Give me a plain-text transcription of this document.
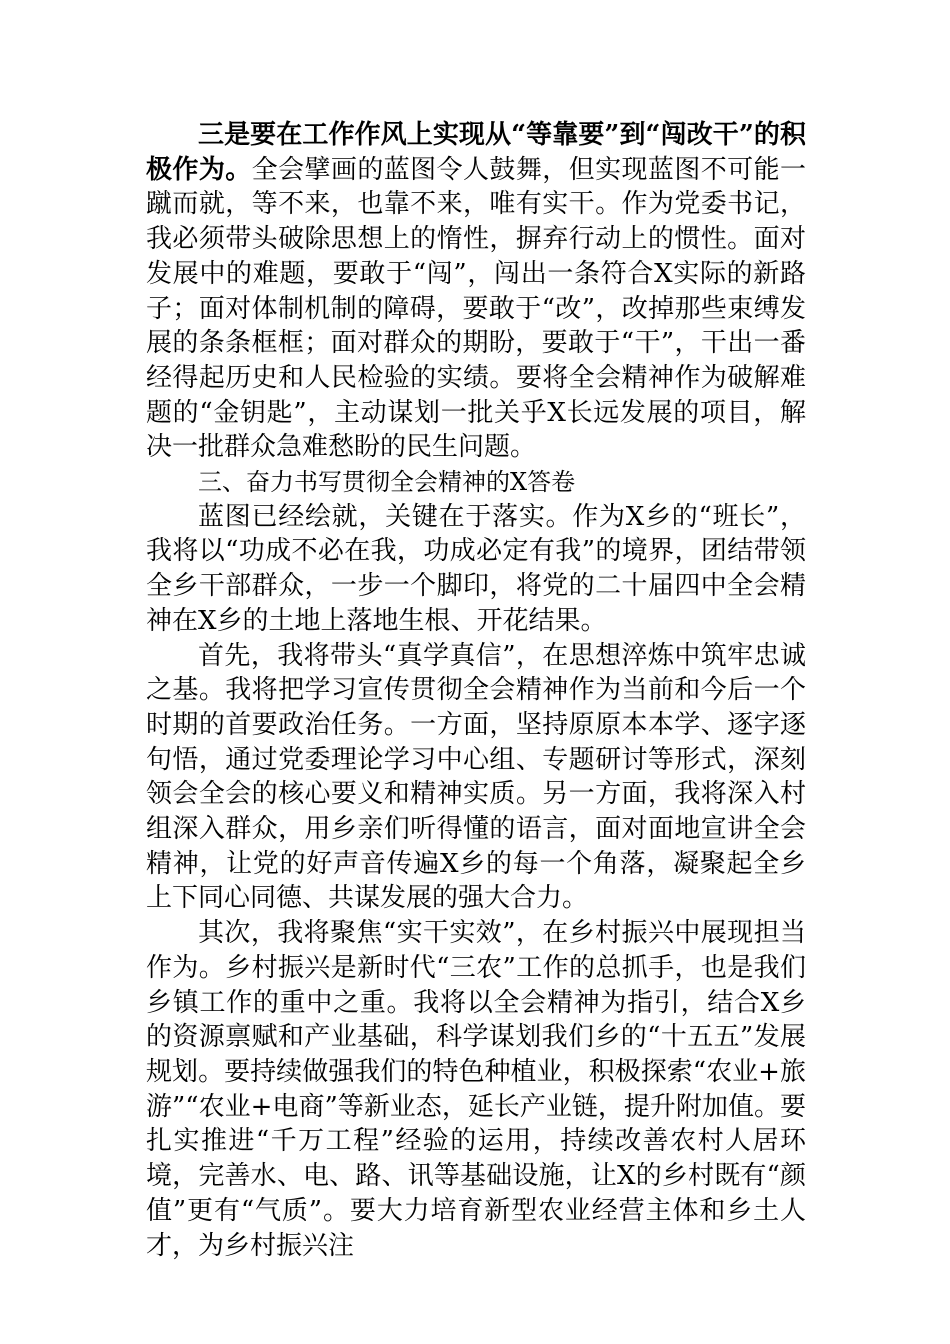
三是要在工作作风上实现从“等靠要”到“闯改干”的积极作为。全会擘画的蓝图令人鼓舞，但实现蓝图不可能一蹴而就，等不来，也靠不来，唯有实干。作为党委书记，我必须带头破除思想上的惰性，摒弃行动上的惯性。面对发展中的难题，要敢于“闯”，闯出一条符合X实际的新路子；面对体制机制的障碍，要敢于“改”，改掉那些束缚发展的条条框框；面对群众的期盼，要敢于“干”，干出一番经得起历史和人民检验的实绩。要将全会精神作为破解难题的“金钥匙”，主动谋划一批关乎X长远发展的项目，解决一批群众急难愁盼的民生问题。

三、奋力书写贯彻全会精神的X答卷

蓝图已经绘就，关键在于落实。作为X乡的“班长”，我将以“功成不必在我，功成必定有我”的境界，团结带领全乡干部群众，一步一个脚印，将党的二十届四中全会精神在X乡的土地上落地生根、开花结果。

首先，我将带头“真学真信”，在思想淬炼中筑牢忠诚之基。我将把学习宣传贯彻全会精神作为当前和今后一个时期的首要政治任务。一方面，坚持原原本本学、逐字逐句悟，通过党委理论学习中心组、专题研讨等形式，深刻领会全会的核心要义和精神实质。另一方面，我将深入村组深入群众，用乡亲们听得懂的语言，面对面地宣讲全会精神，让党的好声音传遍X乡的每一个角落，凝聚起全乡上下同心同德、共谋发展的强大合力。

其次，我将聚焦“实干实效”，在乡村振兴中展现担当作为。乡村振兴是新时代“三农”工作的总抓手，也是我们乡镇工作的重中之重。我将以全会精神为指引，结合X乡的资源禀赋和产业基础，科学谋划我们乡的“十五五”发展规划。要持续做强我们的特色种植业，积极探索“农业+旅游”“农业+电商”等新业态，延长产业链，提升附加值。要扎实推进“千万工程”经验的运用，持续改善农村人居环境，完善水、电、路、讯等基础设施，让X的乡村既有“颜值”更有“气质”。要大力培育新型农业经营主体和乡土人才，为乡村振兴注
